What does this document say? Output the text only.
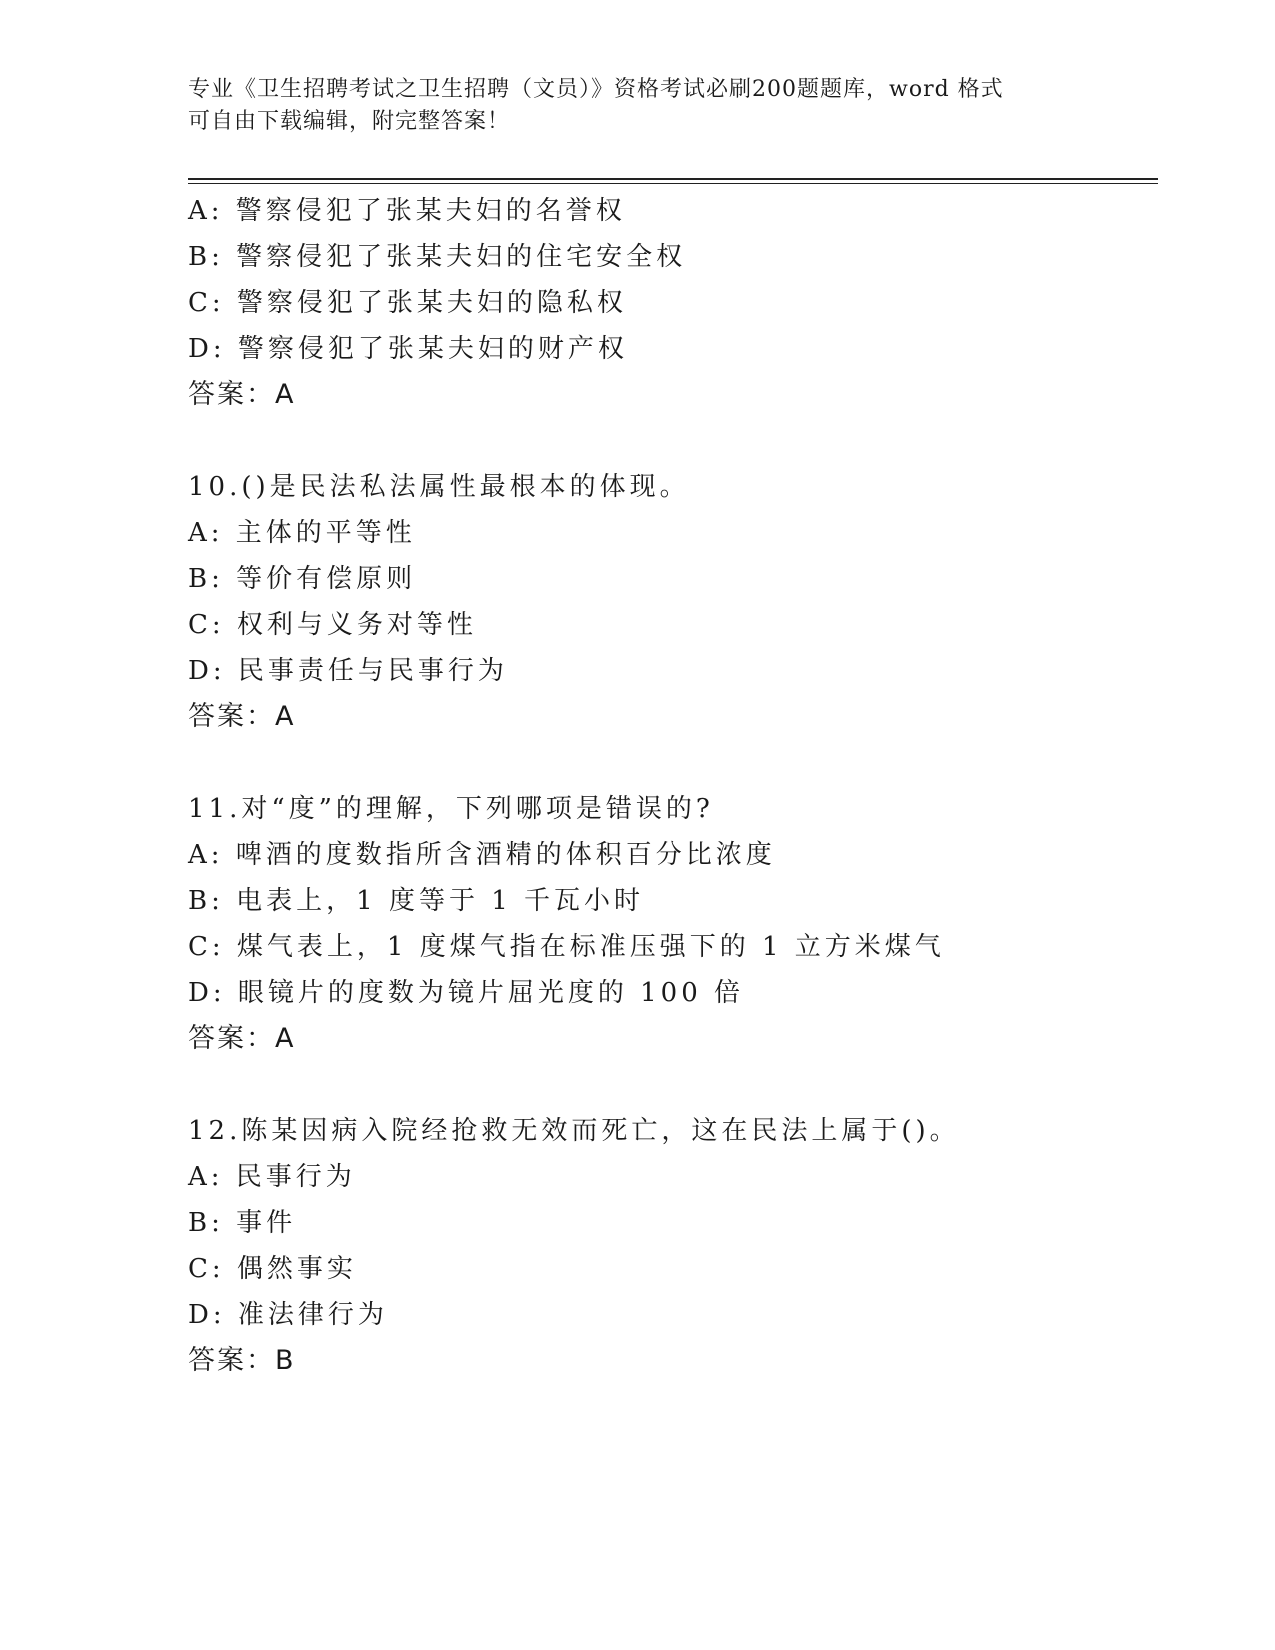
专业《卫生招聘考试之卫生招聘（文员）》资格考试必刷200题题库，word 格式
可自由下载编辑，附完整答案！
A: 警察侵犯了张某夫妇的名誉权
B: 警察侵犯了张某夫妇的住宅安全权
C: 警察侵犯了张某夫妇的隐私权
D: 警察侵犯了张某夫妇的财产权
答案：A
10.()是民法私法属性最根本的体现。
A: 主体的平等性
B: 等价有偿原则
C: 权利与义务对等性
D: 民事责任与民事行为
答案：A
11.对“度”的理解，下列哪项是错误的?
A: 啤酒的度数指所含酒精的体积百分比浓度
B: 电表上，1 度等于 1 千瓦小时
C: 煤气表上，1 度煤气指在标准压强下的 1 立方米煤气
D: 眼镜片的度数为镜片屈光度的 100 倍
答案：A
12.陈某因病入院经抢救无效而死亡，这在民法上属于()。
A: 民事行为
B: 事件
C: 偶然事实
D: 准法律行为
答案：B
